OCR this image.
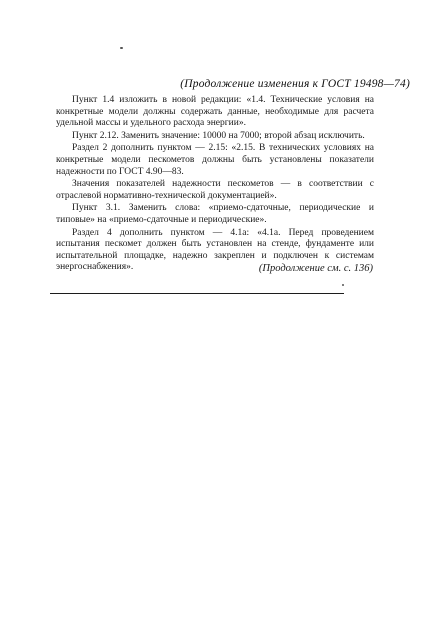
(Продолжение изменения к ГОСТ 19498—74)

Пункт 1.4 изложить в новой редакции: «1.4. Технические условия на конкретные модели должны содержать данные, необходимые для расчета удельной массы и удельного расхода энергии».

Пункт 2.12. Заменить значение: 10000 на 7000; второй абзац исключить.

Раздел 2 дополнить пунктом — 2.15: «2.15. В технических условиях на конкретные модели пескометов должны быть установлены показатели надежности по ГОСТ 4.90—83.

Значения показателей надежности пескометов — в соответствии с отраслевой нормативно-технической документацией».

Пункт 3.1. Заменить слова: «приемо-сдаточные, периодические и типовые» на «приемо-сдаточные и периодические».

Раздел 4 дополнить пунктом — 4.1а: «4.1а. Перед проведением испытания пескомет должен быть установлен на стенде, фундаменте или испытательной площадке, надежно закреплен и подключен к системам энергоснабжения».	(Продолжение см. с. 136)
